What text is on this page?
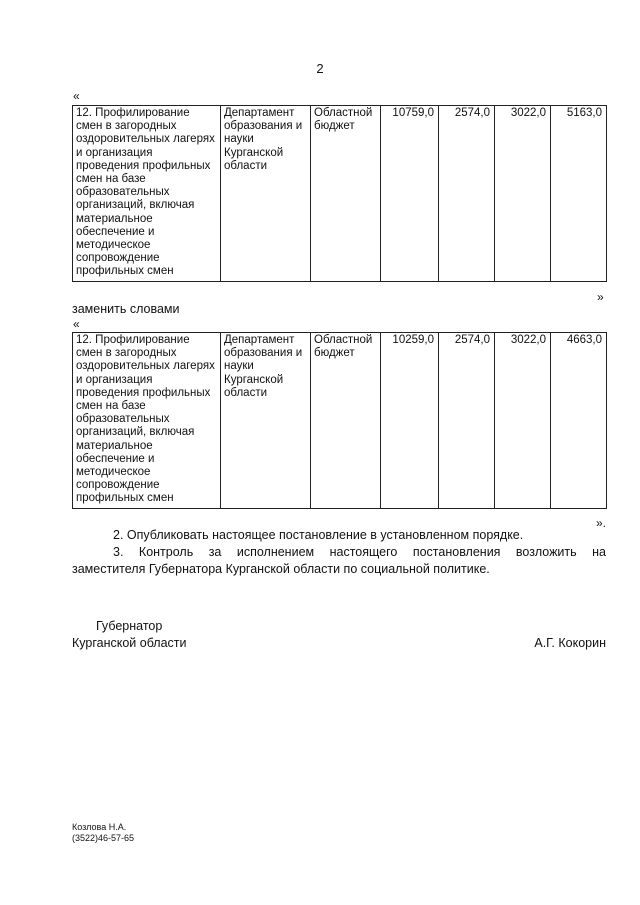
2
«
12. Профилирование смен в загородных оздоровительных лагерях и организация проведения профильных смен на базе образовательных организаций, включая материальное обеспечение и методическое сопровождение профильных смен	Департамент образования и науки Курганской области	Областной бюджет	10759,0	2574,0	3022,0	5163,0
»
заменить словами
«
12. Профилирование смен в загородных оздоровительных лагерях и организация проведения профильных смен на базе образовательных организаций, включая материальное обеспечение и методическое сопровождение профильных смен	Департамент образования и науки Курганской области	Областной бюджет	10259,0	2574,0	3022,0	4663,0
».
2. Опубликовать настоящее постановление в установленном порядке.
3. Контроль за исполнением настоящего постановления возложить на
заместителя Губернатора Курганской области по социальной политике.
Губернатор
Курганской области	А.Г. Кокорин
Козлова Н.А.
(3522)46-57-65
